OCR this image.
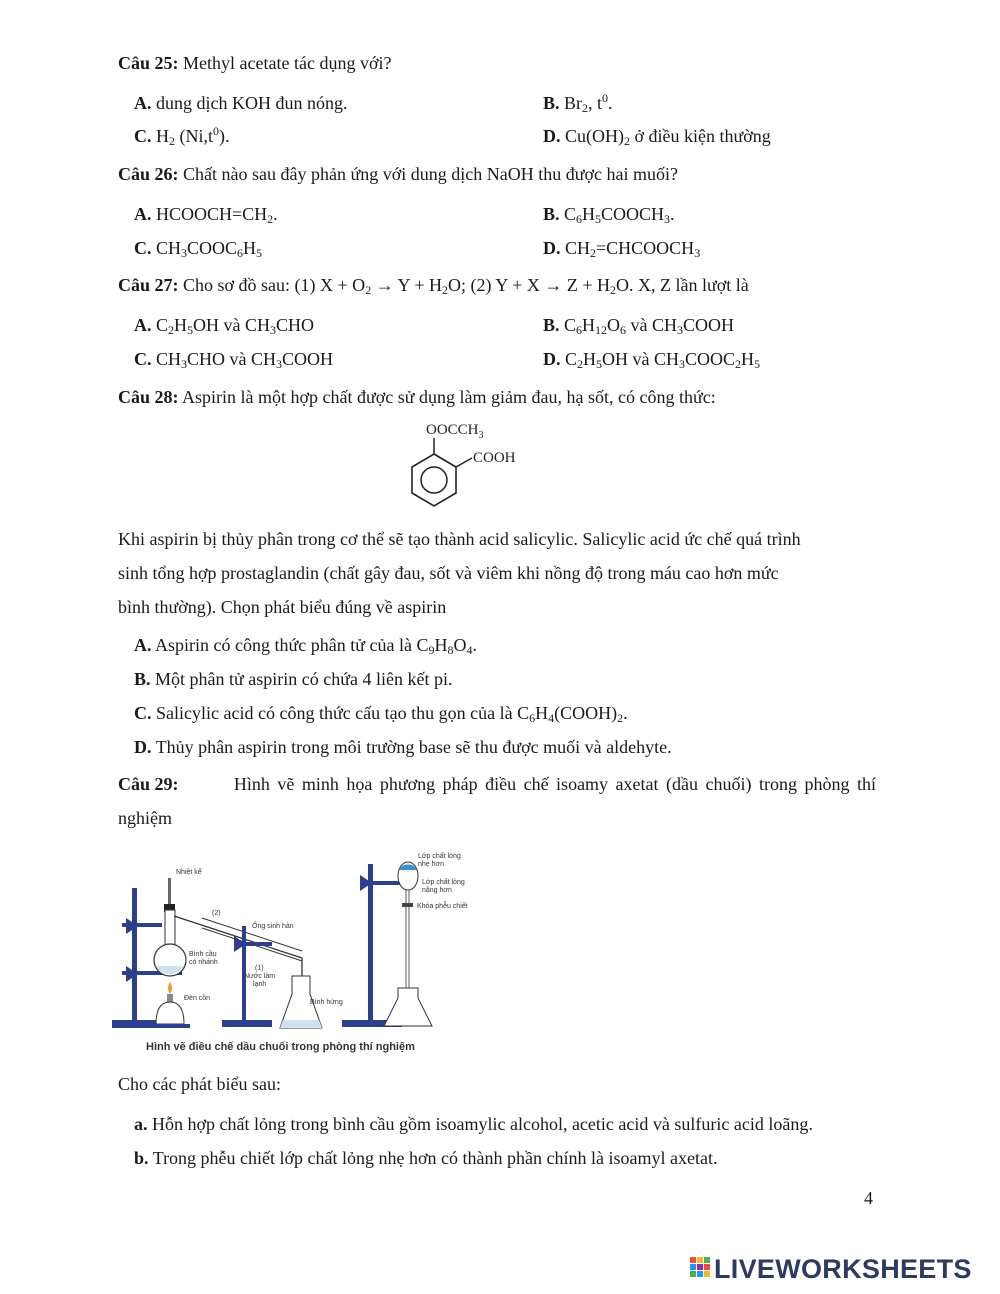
Câu 25: Methyl acetate tác dụng với?
A. dung dịch KOH đun nóng.	B. $Br_2$, $t^0$.
C. $H_2$ $(Ni,t^0)$.	D. $Cu(OH)_2$ ở điều kiện thường
Câu 26: Chất nào sau đây phản ứng với dung dịch NaOH thu được hai muối?
A. $HCOOCH=CH_2$.	B. $C_6H_5COOCH_3$.
C. $CH_3COOC_6H_5$	D. $CH_2=CHCOOCH_3$
Câu 27: Cho sơ đồ sau: (1) $X + O_2 \to Y + H_2O$; (2) $Y + X \to Z + H_2O$. X, Z lần lượt là
A. $C_2H_5OH$ và $CH_3CHO$	B. $C_6H_{12}O_6$ và $CH_3COOH$
C. $CH_3CHO$ và $CH_3COOH$	D. $C_2H_5OH$ và $CH_3COOC_2H_5$
Câu 28: Aspirin là một hợp chất được sử dụng làm giảm đau, hạ sốt, có công thức:
$OOCCH_3$
COOH
Khi aspirin bị thủy phân trong cơ thể sẽ tạo thành acid salicylic. Salicylic acid ức chế quá trình
sinh tổng hợp prostaglandin (chất gây đau, sốt và viêm khi nồng độ trong máu cao hơn mức
bình thường). Chọn phát biểu đúng về aspirin
A. Aspirin có công thức phân tử của là $C_9H_8O_4$.
B. Một phân tử aspirin có chứa 4 liên kết pi.
C. Salicylic acid có công thức cấu tạo thu gọn của là $C_6H_4(COOH)_2$.
D. Thủy phân aspirin trong môi trường base sẽ thu được muối và aldehyte.
Câu 29:	Hình vẽ minh họa phương pháp điều chế isoamy axetat (dầu chuối) trong phòng thí
nghiệm
Nhiệt kế
(2)
Ống sinh hàn
Bình cầu
có nhánh
(1)
Nước làm
lạnh
Đèn cồn
Bình hứng
Lớp chất lỏng
nhẹ hơn
Lớp chất lỏng
nặng hơn
Khóa phễu chiết
Hình vẽ điều chế dầu chuối trong phòng thí nghiệm
Cho các phát biểu sau:
a. Hỗn hợp chất lỏng trong bình cầu gồm isoamylic alcohol, acetic acid và sulfuric acid loãng.
b. Trong phễu chiết lớp chất lỏng nhẹ hơn có thành phần chính là isoamyl axetat.
4
LIVEWORKSHEETS
